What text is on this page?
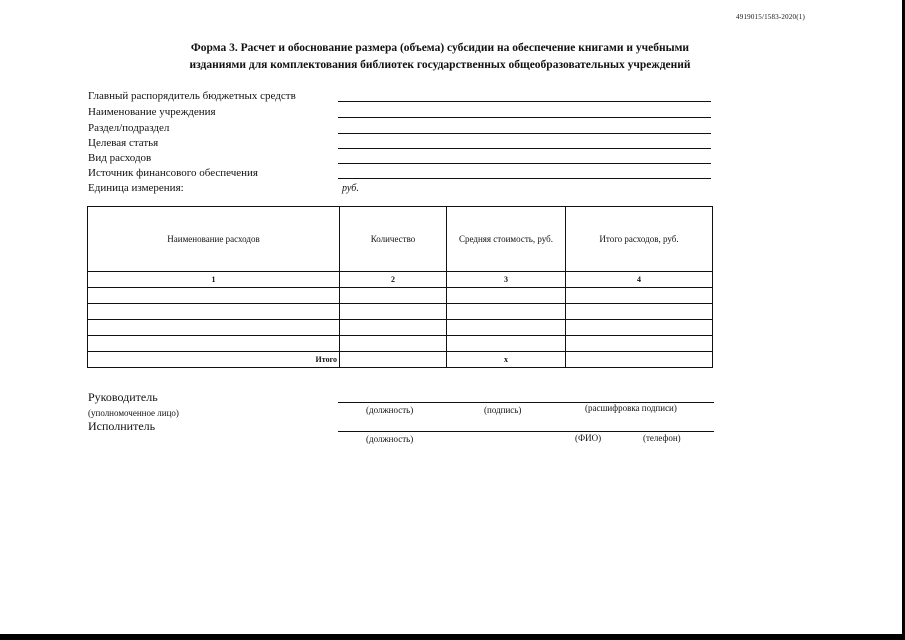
4919015/1583-2020(1)
Форма 3. Расчет и обоснование размера (объема) субсидии на обеспечение книгами и учебными
изданиями для комплектования библиотек государственных общеобразовательных учреждений
Главный распорядитель бюджетных средств
Наименование учреждения
Раздел/подраздел
Целевая статья
Вид расходов
Источник финансового обеспечения
Единица измерения:	руб.
Наименование расходов	Количество	Средняя стоимость, руб.	Итого расходов, руб.
1	2	3	4

Итого		х	
Руководитель
(уполномоченное лицо)	(должность)	(подпись)	(расшифровка подписи)
Исполнитель
(должность)	(ФИО)	(телефон)
